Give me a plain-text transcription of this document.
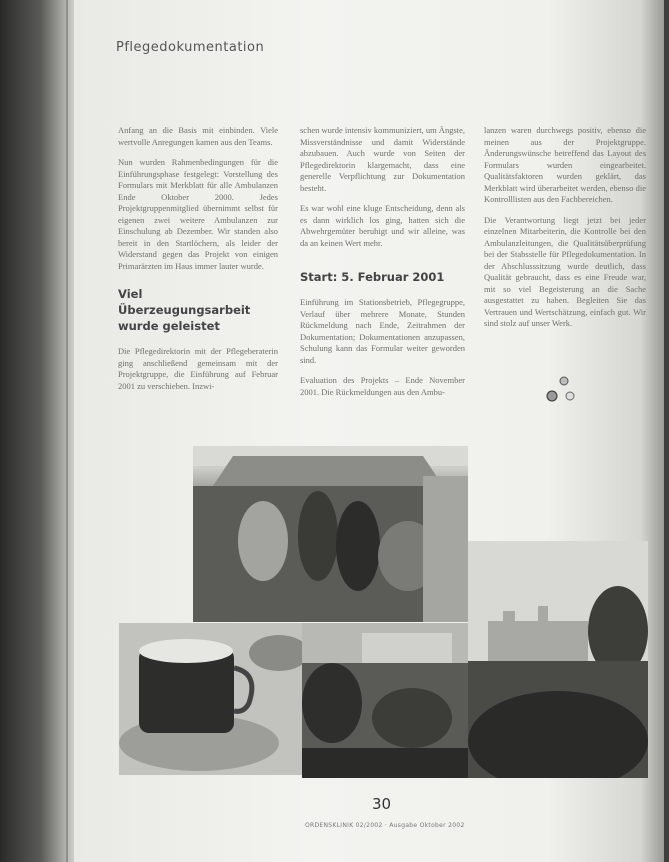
Pflegedokumentation

Anfang an die Basis mit einbinden. Viele wertvolle Anregungen kamen aus den Teams.

Nun wurden Rahmenbedingungen für die Einführungsphase festgelegt: Vorstellung des Formulars mit Merkblatt für alle Ambulanzen Ende Oktober 2000. Jedes Projektgruppenmitglied übernimmt selbst für eigenen zwei weitere Ambulanzen zur Einschulung ab Dezember. Wir standen also bereit in den Startlöchern, als leider der Widerstand gegen das Projekt von einigen Primarärzten im Haus immer lauter wurde.

Viel Überzeugungsarbeit wurde geleistet

Die Pflegedirektorin mit der Pflegeberaterin ging anschließend gemeinsam mit der Projektgruppe, die Einführung auf Februar 2001 zu verschieben. Inzwi-

schen wurde intensiv kommuniziert, um Ängste, Missverständnisse und damit Widerstände abzubauen. Auch wurde von Seiten der Pflegedirektorin klargemacht, dass eine generelle Verpflichtung zur Dokumentation besteht.

Es war wohl eine kluge Entscheidung, denn als es dann wirklich los ging, hatten sich die Abwehrgemüter beruhigt und wir alleine, was da an keinen Wert mehr.

Start: 5. Februar 2001

Einführung im Stationsbetrieb, Pflegegruppe, Verlauf über mehrere Monate, Stunden Rückmeldung nach Ende, Zeitrahmen der Dokumentation; Dokumentationen anzupassen, Schulung kann das Formular weiter geworden sind.

Evaluation des Projekts – Ende November 2001. Die Rückmeldungen aus den Ambu-

lanzen waren durchwegs positiv, ebenso die meinen aus der Projektgruppe. Änderungswünsche betreffend das Layout des Formulars wurden eingearbeitet. Qualitätsfaktoren wurden geklärt, das Merkblatt wird überarbeitet werden, ebenso die Kontrolllisten aus den Fachbereichen.

Die Verantwortung liegt jetzt bei jeder einzelnen Mitarbeiterin, die Kontrolle bei den Ambulanzleitungen, die Qualitätsüberprüfung bei der Stabsstelle für Pflegedokumentation. In der Abschlusssitzung wurde deutlich, dass Qualität gebraucht, dass es eine Freude war, mit so viel Begeisterung an die Sache ausgestattet zu haben. Begleiten Sie das Vertrauen und Wertschätzung, einfach gut. Wir sind stolz auf unser Werk.

30
ORDENSKLINIK 02/2002 · Ausgabe Oktober 2002
